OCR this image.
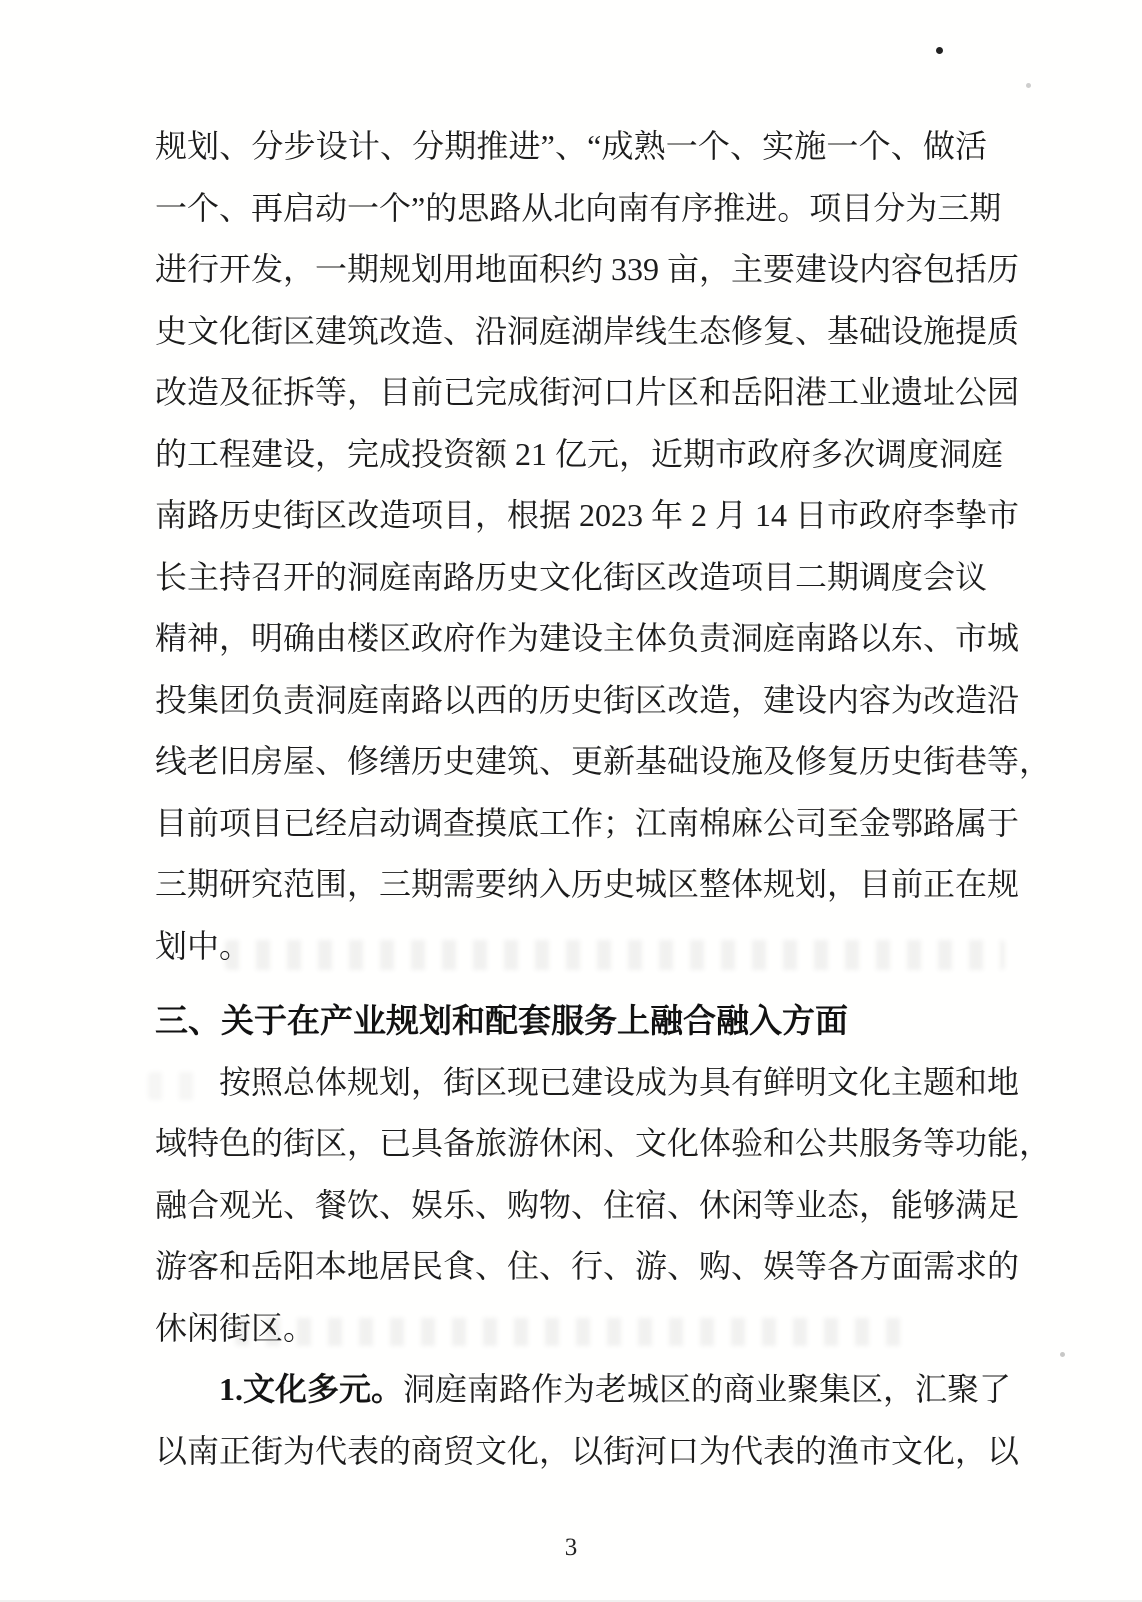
规划、分步设计、分期推进”、“成熟一个、实施一个、做活
一个、再启动一个”的思路从北向南有序推进。项目分为三期
进行开发，一期规划用地面积约 339 亩，主要建设内容包括历
史文化街区建筑改造、沿洞庭湖岸线生态修复、基础设施提质
改造及征拆等，目前已完成街河口片区和岳阳港工业遗址公园
的工程建设，完成投资额 21 亿元，近期市政府多次调度洞庭
南路历史街区改造项目，根据 2023 年 2 月 14 日市政府李挚市
长主持召开的洞庭南路历史文化街区改造项目二期调度会议
精神，明确由楼区政府作为建设主体负责洞庭南路以东、市城
投集团负责洞庭南路以西的历史街区改造，建设内容为改造沿
线老旧房屋、修缮历史建筑、更新基础设施及修复历史街巷等，
目前项目已经启动调查摸底工作；江南棉麻公司至金鄂路属于
三期研究范围，三期需要纳入历史城区整体规划，目前正在规
划中。
三、关于在产业规划和配套服务上融合融入方面
按照总体规划，街区现已建设成为具有鲜明文化主题和地
域特色的街区，已具备旅游休闲、文化体验和公共服务等功能，
融合观光、餐饮、娱乐、购物、住宿、休闲等业态，能够满足
游客和岳阳本地居民食、住、行、游、购、娱等各方面需求的
休闲街区。
1.文化多元。洞庭南路作为老城区的商业聚集区，汇聚了
以南正街为代表的商贸文化，以街河口为代表的渔市文化，以
3
